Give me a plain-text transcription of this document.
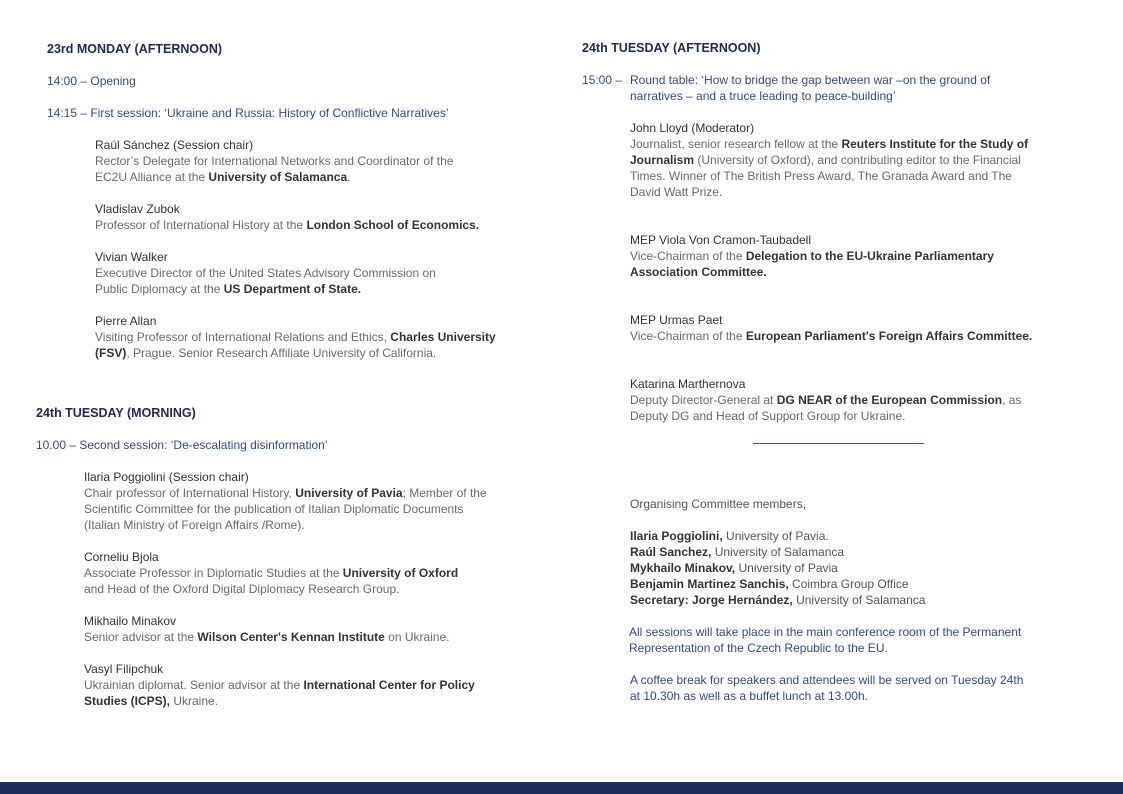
23rd MONDAY (AFTERNOON)
14:00 – Opening
14:15 – First session: ‘Ukraine and Russia: History of Conflictive Narratives’

Raúl Sánchez (Session chair)

Rector’s Delegate for International Networks and Coordinator of the

EC2U Alliance at the University of Salamanca.

Vladislav Zubok

Professor of International History at the London School of Economics.

Vivian Walker

Executive Director of the United States Advisory Commission on

Public Diplomacy at the US Department of State.

Pierre Allan

Visiting Professor of International Relations and Ethics, Charles University

(FSV), Prague. Senior Research Affiliate University of California.

24th TUESDAY (MORNING)
10.00 – Second session: ‘De-escalating disinformation’

Ilaria Poggiolini (Session chair)

Chair professor of International History, University of Pavia; Member of the

Scientific Committee for the publication of Italian Diplomatic Documents

(Italian Ministry of Foreign Affairs /Rome).

Corneliu Bjola

Associate Professor in Diplomatic Studies at the University of Oxford

and Head of the Oxford Digital Diplomacy Research Group.

Mikhailo Minakov

Senior advisor at the Wilson Center's Kennan Institute on Ukraine.

Vasyl Filipchuk

Ukrainian diplomat. Senior advisor at the International Center for Policy

Studies (ICPS), Ukraine.

24th TUESDAY (AFTERNOON)
15:00 – Round table: ‘How to bridge the gap between war –on the ground of
narratives – and a truce leading to peace-building’

John Lloyd (Moderator)

Journalist, senior research fellow at the Reuters Institute for the Study of

Journalism (University of Oxford), and contributing editor to the Financial

Times. Winner of The British Press Award, The Granada Award and The

David Watt Prize.

MEP Viola Von Cramon-Taubadell

Vice-Chairman of the Delegation to the EU-Ukraine Parliamentary

Association Committee.

MEP Urmas Paet

Vice-Chairman of the European Parliament's Foreign Affairs Committee.

Katarina Marthernova

Deputy Director-General at DG NEAR of the European Commission, as

Deputy DG and Head of Support Group for Ukraine.

Organising Committee members,

Ilaria Poggiolini, University of Pavia.

Raúl Sanchez, University of Salamanca

Mykhailo Minakov, University of Pavia

Benjamin Martinez Sanchis, Coimbra Group Office

Secretary: Jorge Hernández, University of Salamanca

All sessions will take place in the main conference room of the Permanent

Representation of the Czech Republic to the EU.

A coffee break for speakers and attendees will be served on Tuesday 24th

at 10.30h as well as a buffet lunch at 13.00h.
